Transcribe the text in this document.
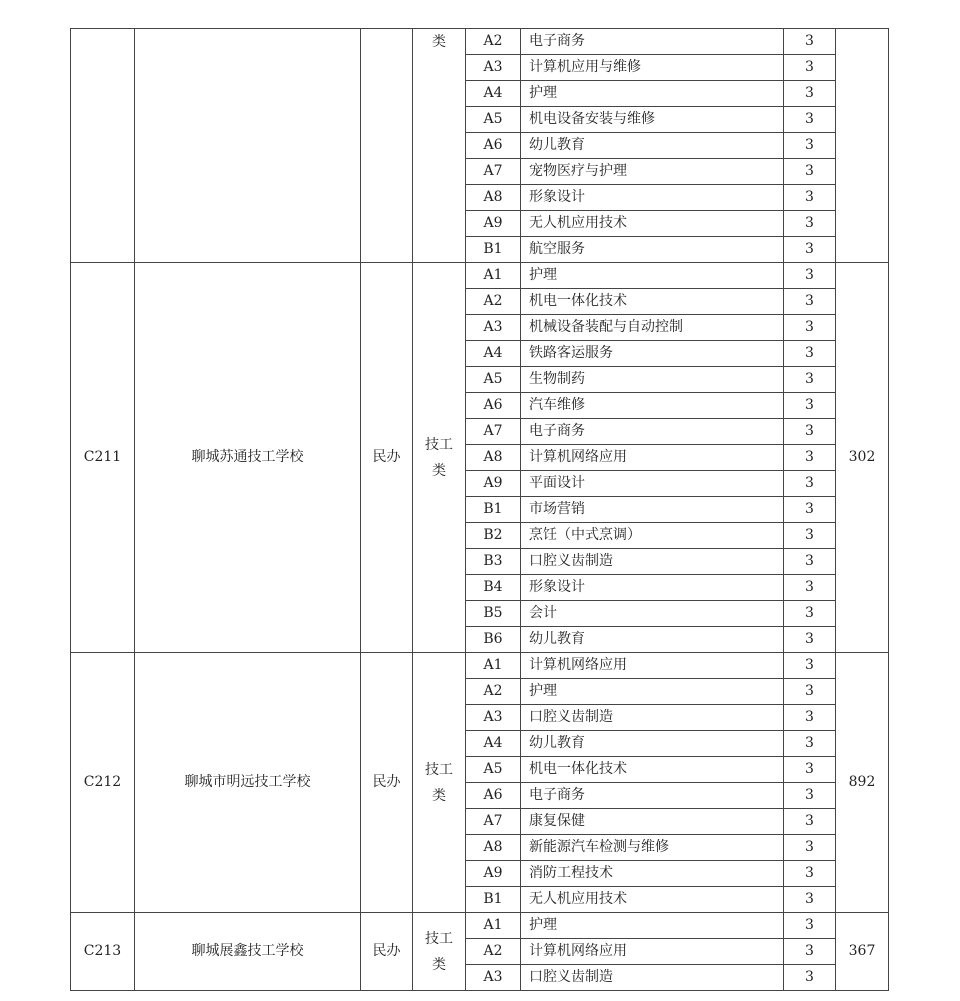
			类	A2	电子商务	3	
				A3	计算机应用与维修	3	
				A4	护理	3	
				A5	机电设备安装与维修	3	
				A6	幼儿教育	3	
				A7	宠物医疗与护理	3	
				A8	形象设计	3	
				A9	无人机应用技术	3	
				B1	航空服务	3	
C211	聊城苏通技工学校	民办	技工类	A1	护理	3	302
				A2	机电一体化技术	3	
				A3	机械设备装配与自动控制	3	
				A4	铁路客运服务	3	
				A5	生物制药	3	
				A6	汽车维修	3	
				A7	电子商务	3	
				A8	计算机网络应用	3	
				A9	平面设计	3	
				B1	市场营销	3	
				B2	烹饪（中式烹调）	3	
				B3	口腔义齿制造	3	
				B4	形象设计	3	
				B5	会计	3	
				B6	幼儿教育	3	
C212	聊城市明远技工学校	民办	技工类	A1	计算机网络应用	3	892
				A2	护理	3	
				A3	口腔义齿制造	3	
				A4	幼儿教育	3	
				A5	机电一体化技术	3	
				A6	电子商务	3	
				A7	康复保健	3	
				A8	新能源汽车检测与维修	3	
				A9	消防工程技术	3	
				B1	无人机应用技术	3	
C213	聊城展鑫技工学校	民办	技工类	A1	护理	3	367
				A2	计算机网络应用	3	
				A3	口腔义齿制造	3	
